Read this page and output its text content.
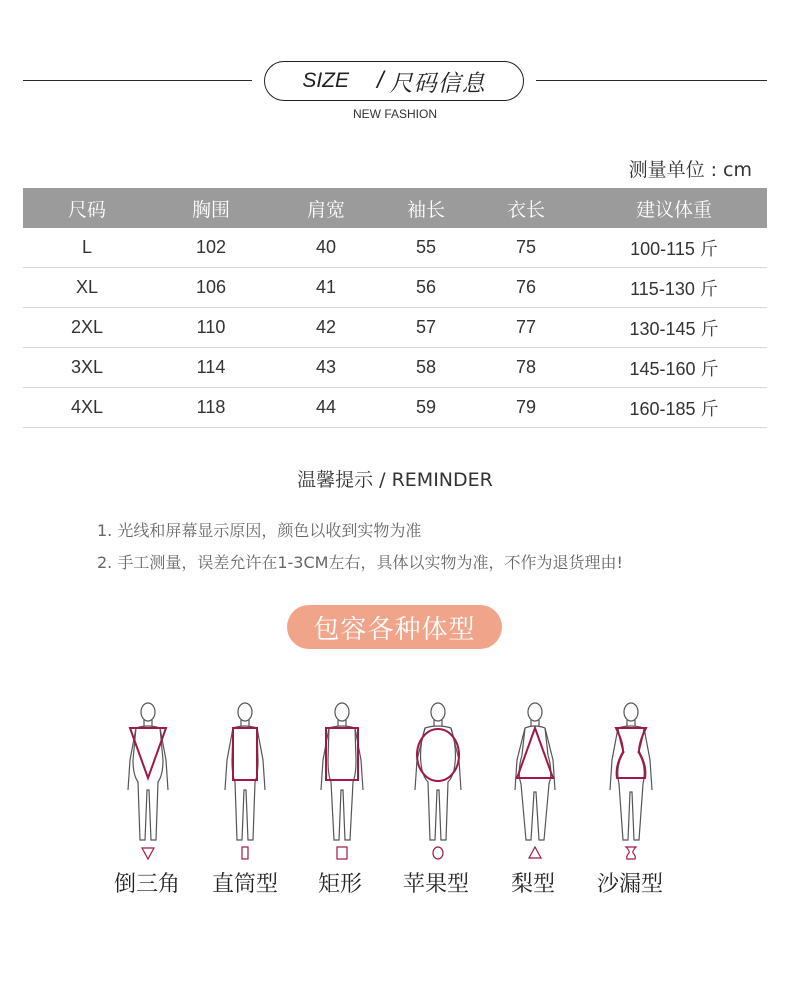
SIZE / 尺码信息
NEW FASHION
测量单位 : cm
尺码	胸围	肩宽	袖长	衣长	建议体重
L	102	40	55	75	100-115 斤
XL	106	41	56	76	115-130 斤
2XL	110	42	57	77	130-145 斤
3XL	114	43	58	78	145-160 斤
4XL	118	44	59	79	160-185 斤
温馨提示 / REMINDER
1. 光线和屏幕显示原因，颜色以收到实物为准
2. 手工测量，误差允许在1-3CM左右，具体以实物为准，不作为退货理由!
包容各种体型
倒三角	直筒型	矩形	苹果型	梨型	沙漏型
